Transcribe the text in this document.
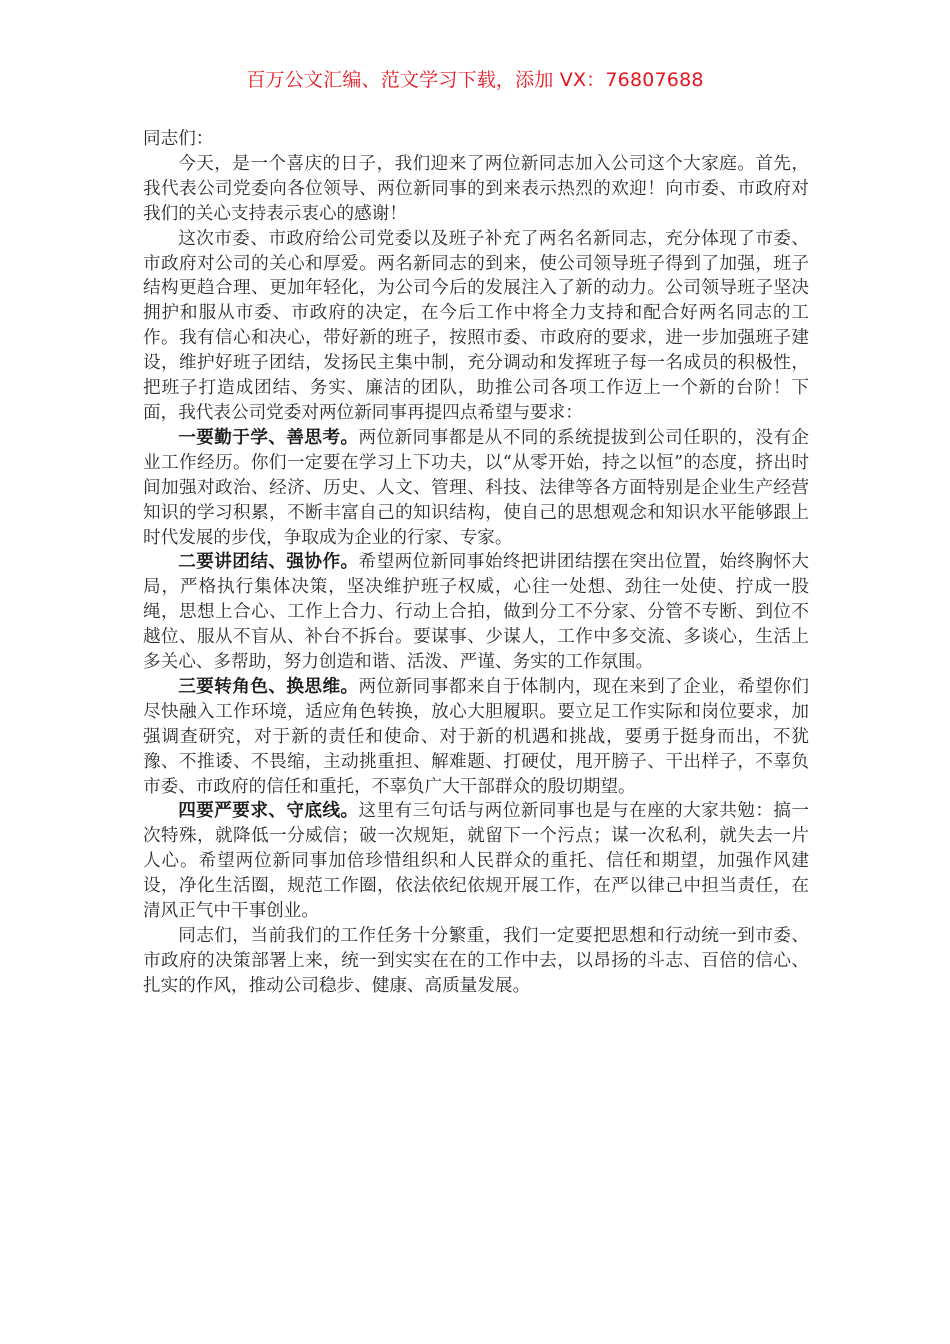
百万公文汇编、范文学习下载，添加 VX：76807688

同志们：

今天，是一个喜庆的日子，我们迎来了两位新同志加入公司这个大家庭。首先，我代表公司党委向各位领导、两位新同事的到来表示热烈的欢迎！向市委、市政府对我们的关心支持表示衷心的感谢！

这次市委、市政府给公司党委以及班子补充了两名名新同志，充分体现了市委、市政府对公司的关心和厚爱。两名新同志的到来，使公司领导班子得到了加强，班子结构更趋合理、更加年轻化，为公司今后的发展注入了新的动力。公司领导班子坚决拥护和服从市委、市政府的决定，在今后工作中将全力支持和配合好两名同志的工作。我有信心和决心，带好新的班子，按照市委、市政府的要求，进一步加强班子建设，维护好班子团结，发扬民主集中制，充分调动和发挥班子每一名成员的积极性，把班子打造成团结、务实、廉洁的团队，助推公司各项工作迈上一个新的台阶！下面，我代表公司党委对两位新同事再提四点希望与要求：

一要勤于学、善思考。两位新同事都是从不同的系统提拔到公司任职的，没有企业工作经历。你们一定要在学习上下功夫，以“从零开始，持之以恒”的态度，挤出时间加强对政治、经济、历史、人文、管理、科技、法律等各方面特别是企业生产经营知识的学习积累，不断丰富自己的知识结构，使自己的思想观念和知识水平能够跟上时代发展的步伐，争取成为企业的行家、专家。

二要讲团结、强协作。希望两位新同事始终把讲团结摆在突出位置，始终胸怀大局，严格执行集体决策，坚决维护班子权威，心往一处想、劲往一处使、拧成一股绳，思想上合心、工作上合力、行动上合拍，做到分工不分家、分管不专断、到位不越位、服从不盲从、补台不拆台。要谋事、少谋人，工作中多交流、多谈心，生活上多关心、多帮助，努力创造和谐、活泼、严谨、务实的工作氛围。

三要转角色、换思维。两位新同事都来自于体制内，现在来到了企业，希望你们尽快融入工作环境，适应角色转换，放心大胆履职。要立足工作实际和岗位要求，加强调查研究，对于新的责任和使命、对于新的机遇和挑战，要勇于挺身而出，不犹豫、不推诿、不畏缩，主动挑重担、解难题、打硬仗，甩开膀子、干出样子，不辜负市委、市政府的信任和重托，不辜负广大干部群众的殷切期望。

四要严要求、守底线。这里有三句话与两位新同事也是与在座的大家共勉：搞一次特殊，就降低一分威信；破一次规矩，就留下一个污点；谋一次私利，就失去一片人心。希望两位新同事加倍珍惜组织和人民群众的重托、信任和期望，加强作风建设，净化生活圈，规范工作圈，依法依纪依规开展工作，在严以律己中担当责任，在清风正气中干事创业。

同志们，当前我们的工作任务十分繁重，我们一定要把思想和行动统一到市委、市政府的决策部署上来，统一到实实在在的工作中去，以昂扬的斗志、百倍的信心、扎实的作风，推动公司稳步、健康、高质量发展。
